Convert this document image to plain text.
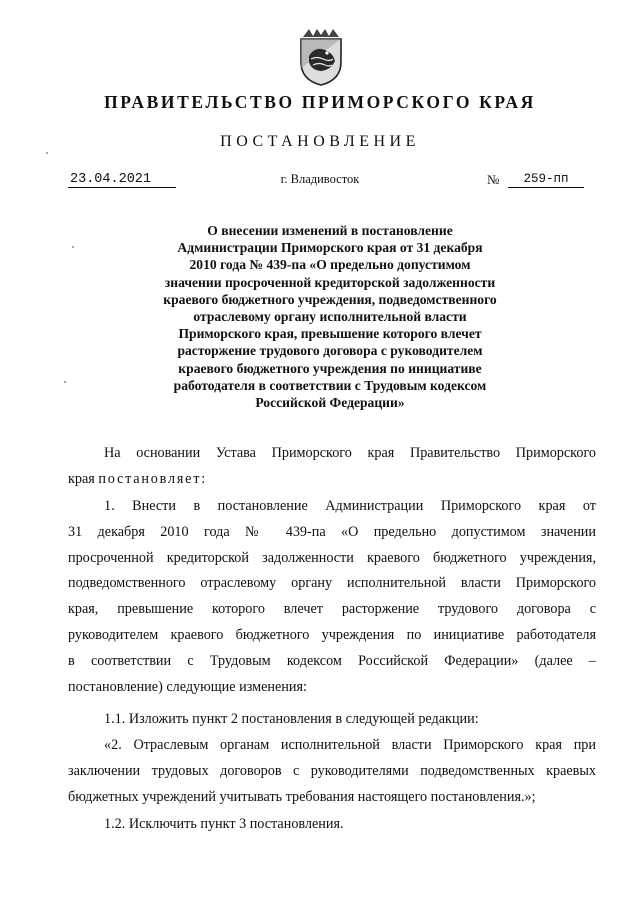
ПРАВИТЕЛЬСТВО ПРИМОРСКОГО КРАЯ
ПОСТАНОВЛЕНИЕ
23.04.2021	г. Владивосток	№	259-пп
О внесении изменений в постановление
Администрации Приморского края от 31 декабря
2010 года № 439-па «О предельно допустимом
значении просроченной кредиторской задолженности
краевого бюджетного учреждения, подведомственного
отраслевому органу исполнительной власти
Приморского края, превышение которого влечет
расторжение трудового договора с руководителем
краевого бюджетного учреждения по инициативе
работодателя в соответствии с Трудовым кодексом
Российской Федерации»
На основании Устава Приморского края Правительство Приморского
края постановляет:
1. Внести в постановление Администрации Приморского края от
31 декабря 2010 года № 439-па «О предельно допустимом значении
просроченной кредиторской задолженности краевого бюджетного учреждения,
подведомственного отраслевому органу исполнительной власти Приморского
края, превышение которого влечет расторжение трудового договора с
руководителем краевого бюджетного учреждения по инициативе работодателя
в соответствии с Трудовым кодексом Российской Федерации» (далее –
постановление) следующие изменения:
1.1. Изложить пункт 2 постановления в следующей редакции:
«2. Отраслевым органам исполнительной власти Приморского края при
заключении трудовых договоров с руководителями подведомственных краевых
бюджетных учреждений учитывать требования настоящего постановления.»;
1.2. Исключить пункт 3 постановления.
